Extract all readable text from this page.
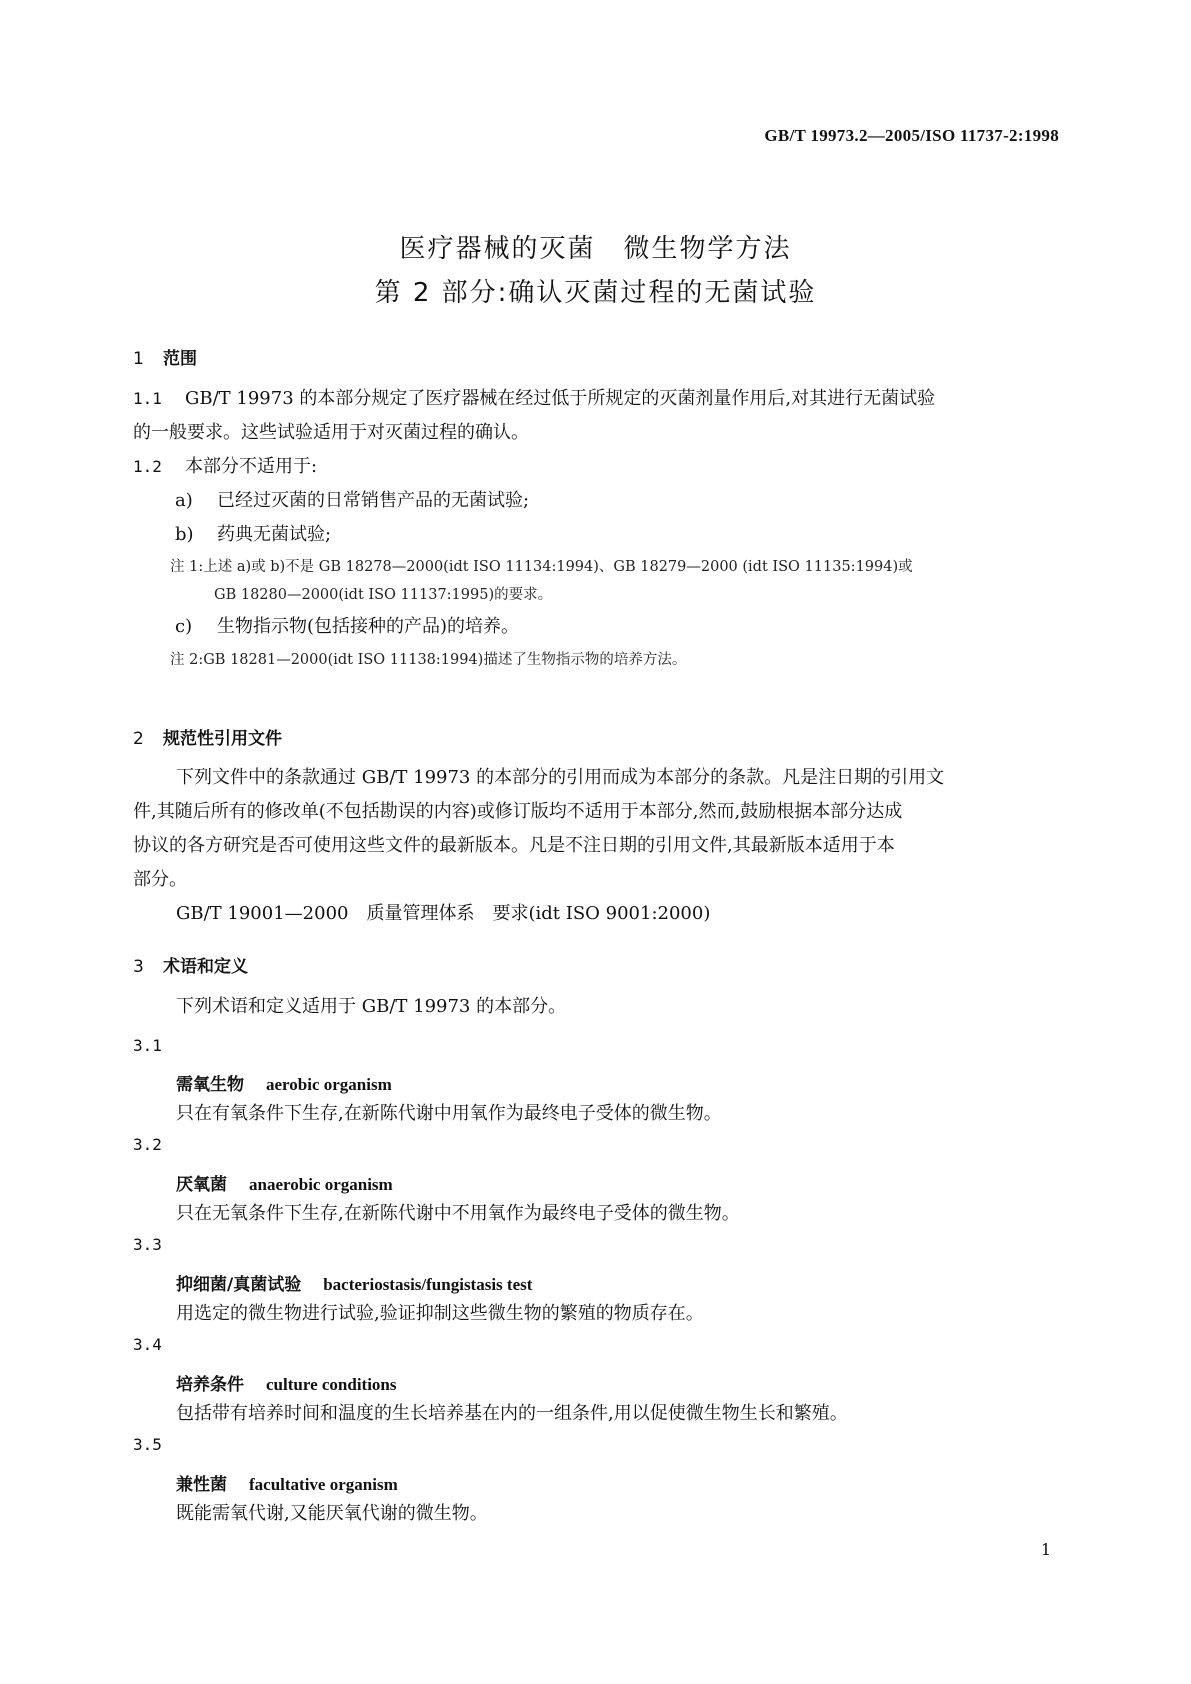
GB/T 19973.2—2005/ISO 11737-2:1998
医疗器械的灭菌　微生物学方法
第 2 部分:确认灭菌过程的无菌试验
1 范围
1.1 GB/T 19973 的本部分规定了医疗器械在经过低于所规定的灭菌剂量作用后,对其进行无菌试验
的一般要求。这些试验适用于对灭菌过程的确认。
1.2 本部分不适用于:
a) 已经过灭菌的日常销售产品的无菌试验;
b) 药典无菌试验;
注 1:上述 a)或 b)不是 GB 18278—2000(idt ISO 11134:1994)、GB 18279—2000 (idt ISO 11135:1994)或
GB 18280—2000(idt ISO 11137:1995)的要求。
c) 生物指示物(包括接种的产品)的培养。
注 2:GB 18281—2000(idt ISO 11138:1994)描述了生物指示物的培养方法。
2 规范性引用文件
下列文件中的条款通过 GB/T 19973 的本部分的引用而成为本部分的条款。凡是注日期的引用文
件,其随后所有的修改单(不包括勘误的内容)或修订版均不适用于本部分,然而,鼓励根据本部分达成
协议的各方研究是否可使用这些文件的最新版本。凡是不注日期的引用文件,其最新版本适用于本
部分。
GB/T 19001—2000　质量管理体系　要求(idt ISO 9001:2000)
3 术语和定义
下列术语和定义适用于 GB/T 19973 的本部分。
3.1
需氧生物 aerobic organism
只在有氧条件下生存,在新陈代谢中用氧作为最终电子受体的微生物。
3.2
厌氧菌 anaerobic organism
只在无氧条件下生存,在新陈代谢中不用氧作为最终电子受体的微生物。
3.3
抑细菌/真菌试验 bacteriostasis/fungistasis test
用选定的微生物进行试验,验证抑制这些微生物的繁殖的物质存在。
3.4
培养条件 culture conditions
包括带有培养时间和温度的生长培养基在内的一组条件,用以促使微生物生长和繁殖。
3.5
兼性菌 facultative organism
既能需氧代谢,又能厌氧代谢的微生物。
1
